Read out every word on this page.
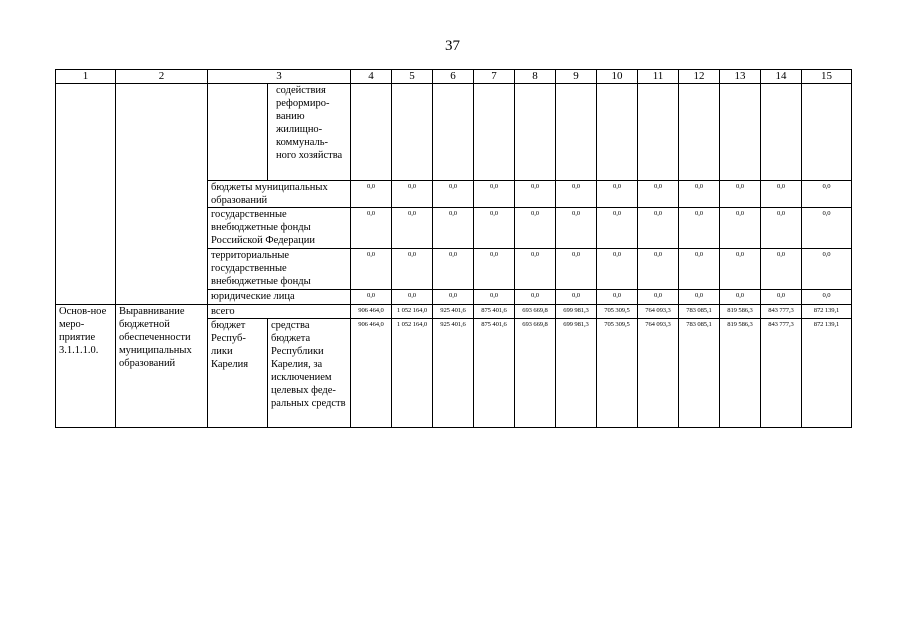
37
1	2	3		4	5	6	7	8	9	10	11	12	13	14	15
			содействия реформиро-ванию жилищно-коммуналь-ного хозяйства												
		бюджеты муниципальных образований		0,0	0,0	0,0	0,0	0,0	0,0	0,0	0,0	0,0	0,0	0,0	0,0
		государственные внебюджетные фонды Российской Федерации		0,0	0,0	0,0	0,0	0,0	0,0	0,0	0,0	0,0	0,0	0,0	0,0
		территориальные государственные внебюджетные фонды		0,0	0,0	0,0	0,0	0,0	0,0	0,0	0,0	0,0	0,0	0,0	0,0
		юридические лица		0,0	0,0	0,0	0,0	0,0	0,0	0,0	0,0	0,0	0,0	0,0	0,0
Основ-ное меро-приятие 3.1.1.1.0.	Выравнивание бюджетной обеспеченности муниципальных образований	всего		906 464,0	1 052 164,0	925 401,6	875 401,6	693 669,8	699 981,3	705 309,5	764 093,3	783 085,1	819 586,3	843 777,3	872 139,1
		бюджет Респуб-лики Карелия	средства бюджета Республики Карелия, за исключением целевых феде-ральных средств	906 464,0	1 052 164,0	925 401,6	875 401,6	693 669,8	699 981,3	705 309,5	764 093,3	783 085,1	819 586,3	843 777,3	872 139,1
